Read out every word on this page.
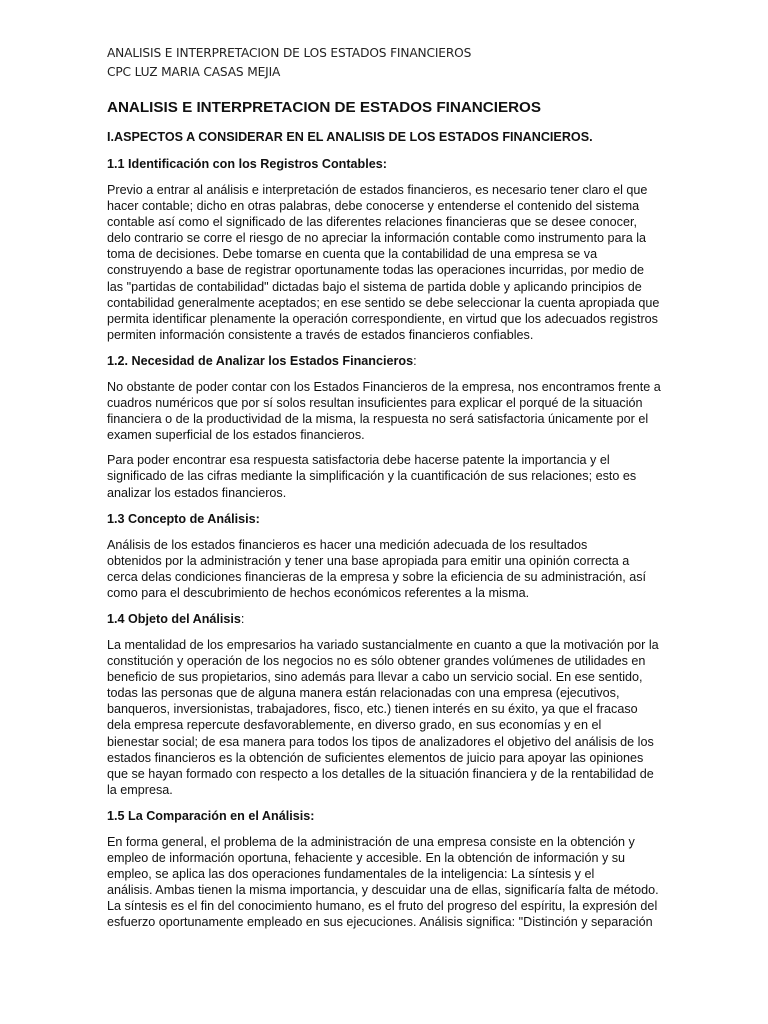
ANALISIS E INTERPRETACION DE LOS ESTADOS FINANCIEROS
CPC LUZ MARIA CASAS MEJIA
ANALISIS E INTERPRETACION DE ESTADOS FINANCIEROS
I.ASPECTOS A CONSIDERAR EN EL ANALISIS DE LOS ESTADOS FINANCIEROS.
1.1 Identificación con los Registros Contables:

Previo a entrar al análisis e interpretación de estados financieros, es necesario tener claro el que
hacer contable; dicho en otras palabras, debe conocerse y entenderse el contenido del sistema
contable así como el significado de las diferentes relaciones financieras que se desee conocer,
delo contrario se corre el riesgo de no apreciar la información contable como instrumento para la
toma de decisiones. Debe tomarse en cuenta que la contabilidad de una empresa se va
construyendo a base de registrar oportunamente todas las operaciones incurridas, por medio de
las "partidas de contabilidad" dictadas bajo el sistema de partida doble y aplicando principios de
contabilidad generalmente aceptados; en ese sentido se debe seleccionar la cuenta apropiada que
permita identificar plenamente la operación correspondiente, en virtud que los adecuados registros
permiten información consistente a través de estados financieros confiables.

1.2. Necesidad de Analizar los Estados Financieros:

No obstante de poder contar con los Estados Financieros de la empresa, nos encontramos frente a
cuadros numéricos que por sí solos resultan insuficientes para explicar el porqué de la situación
financiera o de la productividad de la misma, la respuesta no será satisfactoria únicamente por el
examen superficial de los estados financieros.

Para poder encontrar esa respuesta satisfactoria debe hacerse patente la importancia y el
significado de las cifras mediante la simplificación y la cuantificación de sus relaciones; esto es
analizar los estados financieros.

1.3 Concepto de Análisis:

Análisis de los estados financieros es hacer una medición adecuada de los resultados
obtenidos por la administración y tener una base apropiada para emitir una opinión correcta a
cerca delas condiciones financieras de la empresa y sobre la eficiencia de su administración, así
como para el descubrimiento de hechos económicos referentes a la misma.

1.4 Objeto del Análisis:

La mentalidad de los empresarios ha variado sustancialmente en cuanto a que la motivación por la
constitución y operación de los negocios no es sólo obtener grandes volúmenes de utilidades en
beneficio de sus propietarios, sino además para llevar a cabo un servicio social. En ese sentido,
todas las personas que de alguna manera están relacionadas con una empresa (ejecutivos,
banqueros, inversionistas, trabajadores, fisco, etc.) tienen interés en su éxito, ya que el fracaso
dela empresa repercute desfavorablemente, en diverso grado, en sus economías y en el
bienestar social; de esa manera para todos los tipos de analizadores el objetivo del análisis de los
estados financieros es la obtención de suficientes elementos de juicio para apoyar las opiniones
que se hayan formado con respecto a los detalles de la situación financiera y de la rentabilidad de
la empresa.

1.5 La Comparación en el Análisis:

En forma general, el problema de la administración de una empresa consiste en la obtención y
empleo de información oportuna, fehaciente y accesible. En la obtención de información y su
empleo, se aplica las dos operaciones fundamentales de la inteligencia: La síntesis y el
análisis. Ambas tienen la misma importancia, y descuidar una de ellas, significaría falta de método.
La síntesis es el fin del conocimiento humano, es el fruto del progreso del espíritu, la expresión del
esfuerzo oportunamente empleado en sus ejecuciones. Análisis significa: "Distinción y separación
